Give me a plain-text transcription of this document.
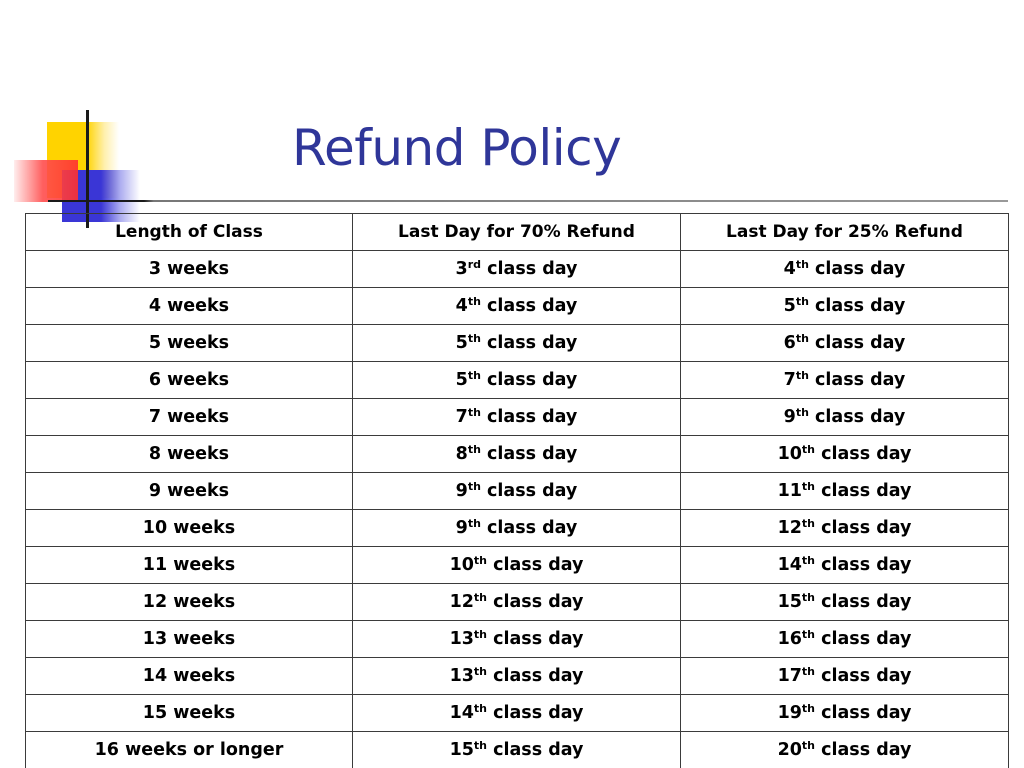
Refund Policy
Length of Class	Last Day for 70% Refund	Last Day for 25% Refund
3 weeks	3rd class day	4th class day
4 weeks	4th class day	5th class day
5 weeks	5th class day	6th class day
6 weeks	5th class day	7th class day
7 weeks	7th class day	9th class day
8 weeks	8th class day	10th class day
9 weeks	9th class day	11th class day
10 weeks	9th class day	12th class day
11 weeks	10th class day	14th class day
12 weeks	12th class day	15th class day
13 weeks	13th class day	16th class day
14 weeks	13th class day	17th class day
15 weeks	14th class day	19th class day
16 weeks or longer	15th class day	20th class day
